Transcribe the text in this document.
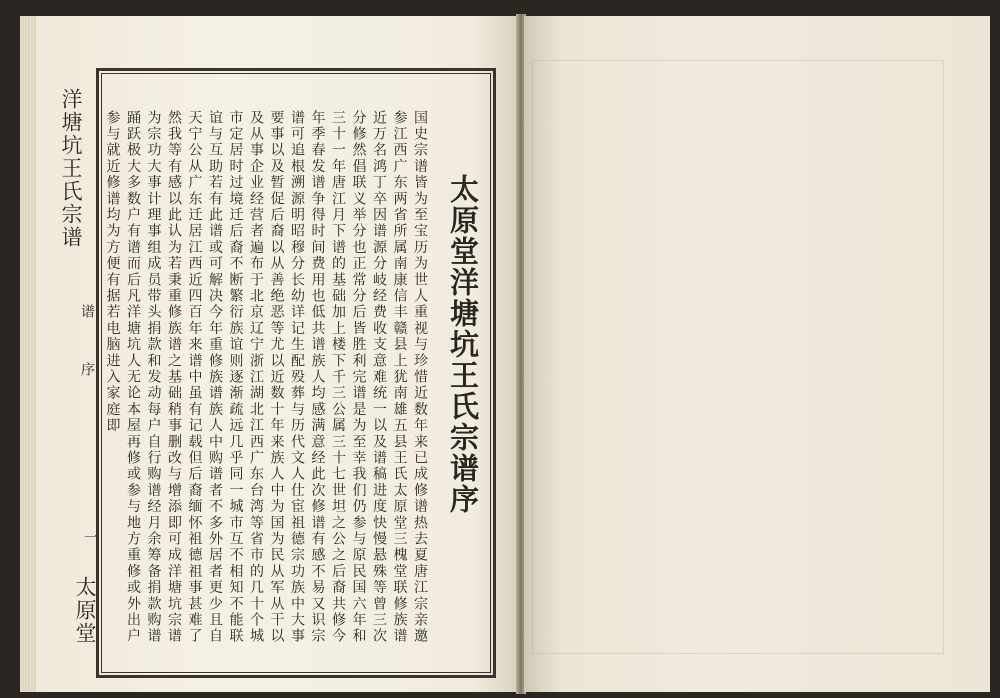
洋塘坑王氏宗谱
谱序
一
太原堂
太原堂洋塘坑王氏宗谱序
国史宗谱皆为至宝历为世人重视与珍惜近数年来已成修谱热去夏唐江宗亲邀参江西广东两省所属南康信丰赣县上犹南雄五县王氏太原堂三槐堂联修族谱近万名鸿丁卒因谱源分岐经费收支意难统一以及谱稿进度快慢悬殊等曾三次分修然倡联义举分也正常分后皆胜利完谱是为至幸我们仍参与原民国六年和三十一年唐江月下谱的基础加上楼下千三公属三十七世坦之公之后裔共修今年季春发谱争得时间费用也低共谱族人均感满意经此次修谱有感不易又识宗谱可追根溯源明昭穆分长幼详记生配殁葬与历代文人仕宦祖德宗功族中大事要事以及暂促后裔以从善绝恶等尤以近数十年来族人中为国为民从军从干以及从事企业经营者遍布于北京辽宁浙江湖北江西广东台湾等省市的几十个城市定居时过境迁后裔不断繁衍族谊则逐渐疏远几乎同一城市互不相知不能联谊与互助若有此谱或可解决今年重修族谱族人中购谱者不多外居者更少且自天宁公从广东迁居江西近四百年来谱中虽有记载但后裔缅怀祖德祖事甚难了然我等有感以此认为若秉重修族谱之基础稍事删改与增添即可成洋塘坑宗谱为宗功大事计理事组成员带头捐款和发动每户自行购谱经月余筹备捐款购谱踊跃极大多数户有谱而后凡洋塘坑人无论本屋再修或参与地方重修或外出户参与就近修谱均为方便有据若电脑进入家庭即
